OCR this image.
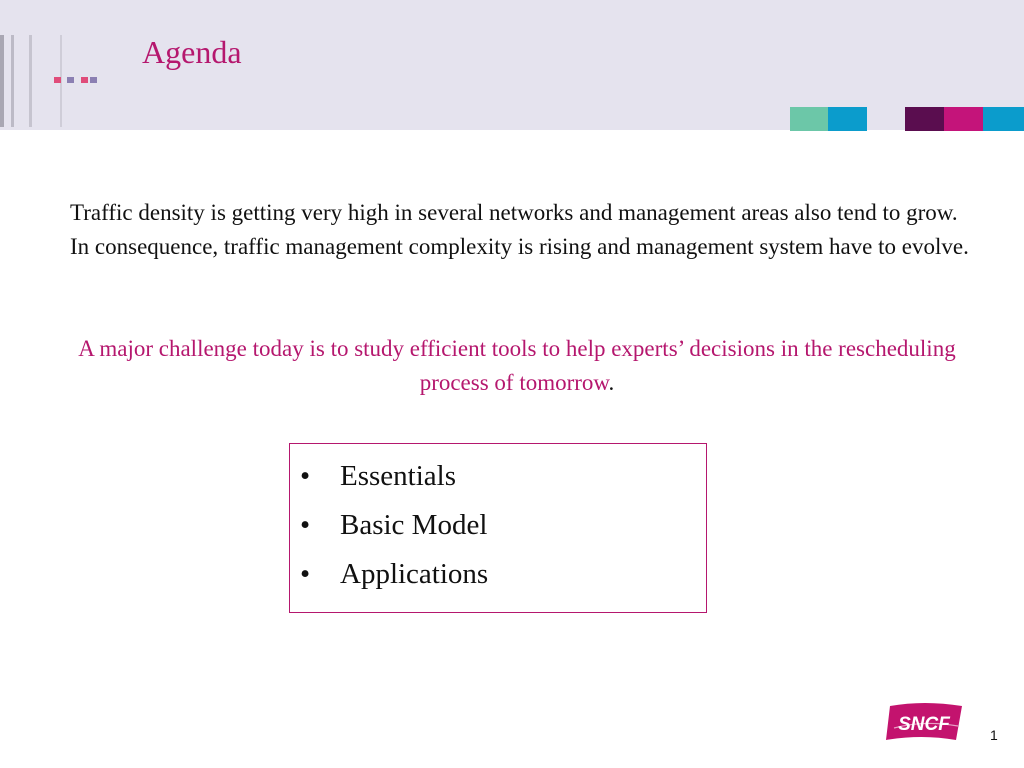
Agenda
Traffic density is getting very high in several networks and management areas also tend to grow. In consequence, traffic management complexity is rising and management system have to evolve.
A major challenge today is to study efficient tools to help experts’ decisions in the rescheduling process of tomorrow.
• Essentials
• Basic Model
• Applications
SNCF	1
